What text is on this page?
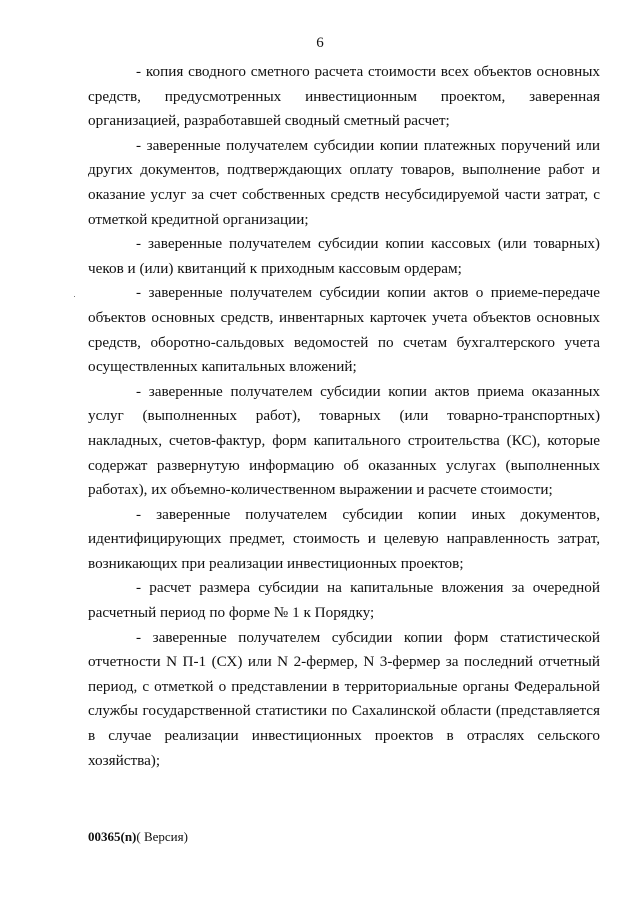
6

- копия сводного сметного расчета стоимости всех объектов основных средств, предусмотренных инвестиционным проектом, заверенная организацией, разработавшей сводный сметный расчет;

- заверенные получателем субсидии копии платежных поручений или других документов, подтверждающих оплату товаров, выполнение работ и оказание услуг за счет собственных средств несубсидируемой части затрат, с отметкой кредитной организации;

- заверенные получателем субсидии копии кассовых (или товарных) чеков и (или) квитанций к приходным кассовым ордерам;

- заверенные получателем субсидии копии актов о приеме-передаче объектов основных средств, инвентарных карточек учета объектов основных средств, оборотно-сальдовых ведомостей по счетам бухгалтерского учета осуществленных капитальных вложений;

- заверенные получателем субсидии копии актов приема оказанных услуг (выполненных работ), товарных (или товарно-транспортных) накладных, счетов-фактур, форм капитального строительства (КС), которые содержат развернутую информацию об оказанных услугах (выполненных работах), их объемно-количественном выражении и расчете стоимости;

- заверенные получателем субсидии копии иных документов, идентифицирующих предмет, стоимость и целевую направленность затрат, возникающих при реализации инвестиционных проектов;

- расчет размера субсидии на капитальные вложения за очередной расчетный период по форме № 1 к Порядку;

- заверенные получателем субсидии копии форм статистической отчетности N П-1 (СХ) или N 2-фермер, N 3-фермер за последний отчетный период, с отметкой о представлении в территориальные органы Федеральной службы государственной статистики по Сахалинской области (представляется в случае реализации инвестиционных проектов в отраслях сельского хозяйства);

00365(n)( Версия)
